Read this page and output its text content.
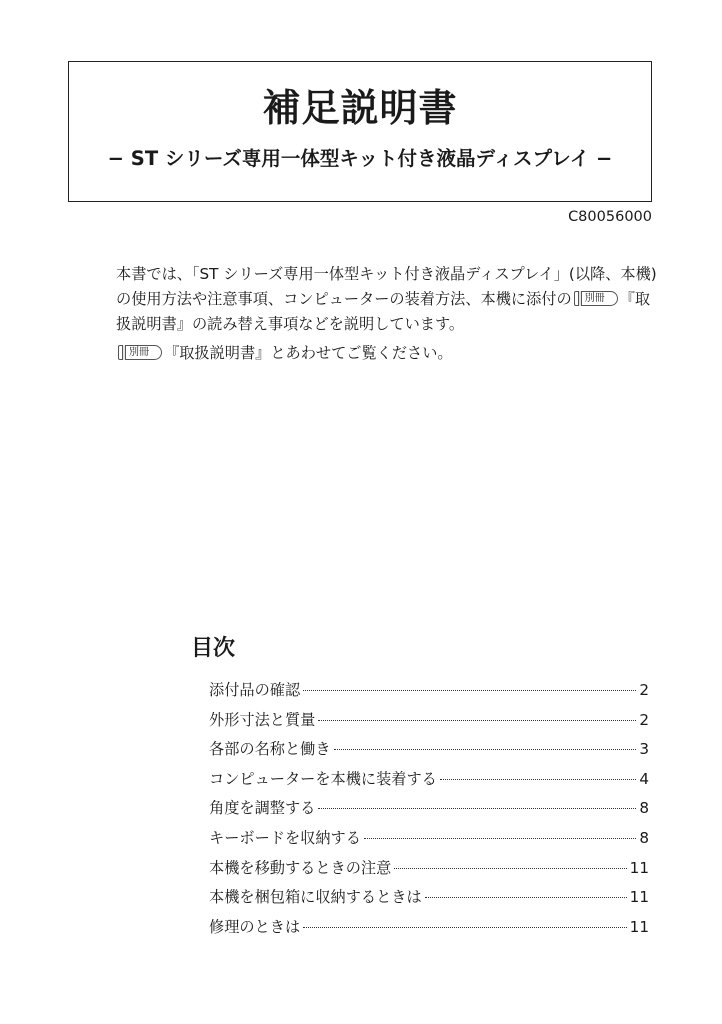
補足説明書
− ST シリーズ専用一体型キット付き液晶ディスプレイ −
C80056000

本書では、「ST シリーズ専用一体型キット付き液晶ディスプレイ」(以降、本機)の使用方法や注意事項、コンピューターの装着方法、本機に添付の 別冊 『取扱説明書』の読み替え事項などを説明しています。

別冊 『取扱説明書』とあわせてご覧ください。

目次
添付品の確認	2
外形寸法と質量	2
各部の名称と働き	3
コンピューターを本機に装着する	4
角度を調整する	8
キーボードを収納する	8
本機を移動するときの注意	11
本機を梱包箱に収納するときは	11
修理のときは	11
